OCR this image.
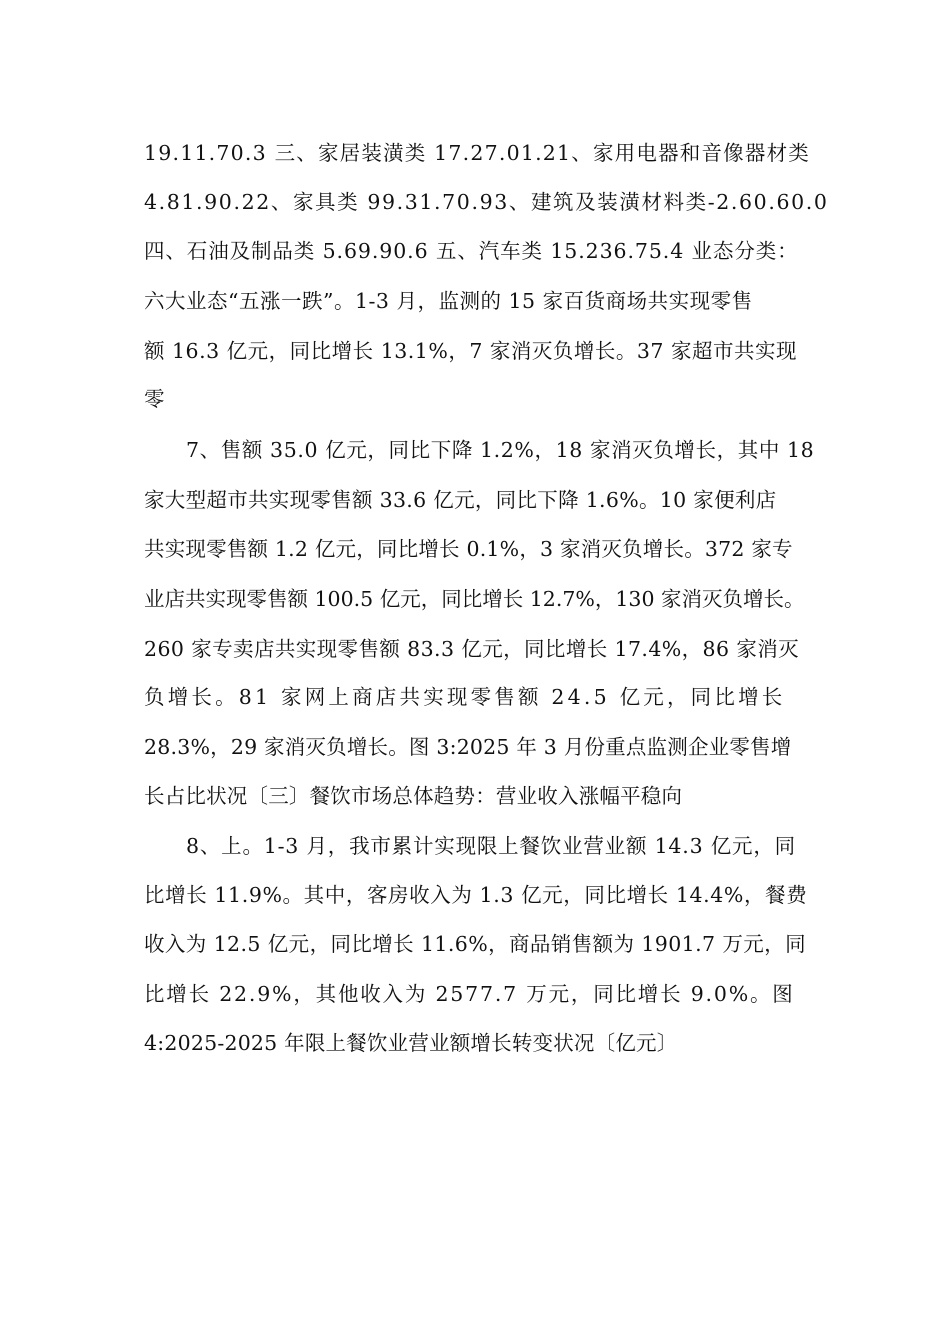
19.11.70.3 三、家居装潢类 17.27.01.21、家用电器和音像器材类
4.81.90.22、家具类 99.31.70.93、建筑及装潢材料类-2.60.60.0
四、石油及制品类 5.69.90.6 五、汽车类 15.236.75.4 业态分类：
六大业态“五涨一跌”。1-3 月，监测的 15 家百货商场共实现零售
额 16.3 亿元，同比增长 13.1%，7 家消灭负增长。37 家超市共实现
零
7、售额 35.0 亿元，同比下降 1.2%，18 家消灭负增长，其中 18
家大型超市共实现零售额 33.6 亿元，同比下降 1.6%。10 家便利店
共实现零售额 1.2 亿元，同比增长 0.1%，3 家消灭负增长。372 家专
业店共实现零售额 100.5 亿元，同比增长 12.7%，130 家消灭负增长。
260 家专卖店共实现零售额 83.3 亿元，同比增长 17.4%，86 家消灭
负增长。81 家网上商店共实现零售额 24.5 亿元，同比增长
28.3%，29 家消灭负增长。图 3:2025 年 3 月份重点监测企业零售增
长占比状况〔三〕餐饮市场总体趋势：营业收入涨幅平稳向
8、上。1-3 月，我市累计实现限上餐饮业营业额 14.3 亿元，同
比增长 11.9%。其中，客房收入为 1.3 亿元，同比增长 14.4%，餐费
收入为 12.5 亿元，同比增长 11.6%，商品销售额为 1901.7 万元，同
比增长 22.9%，其他收入为 2577.7 万元，同比增长 9.0%。图
4:2025-2025 年限上餐饮业营业额增长转变状况〔亿元〕
